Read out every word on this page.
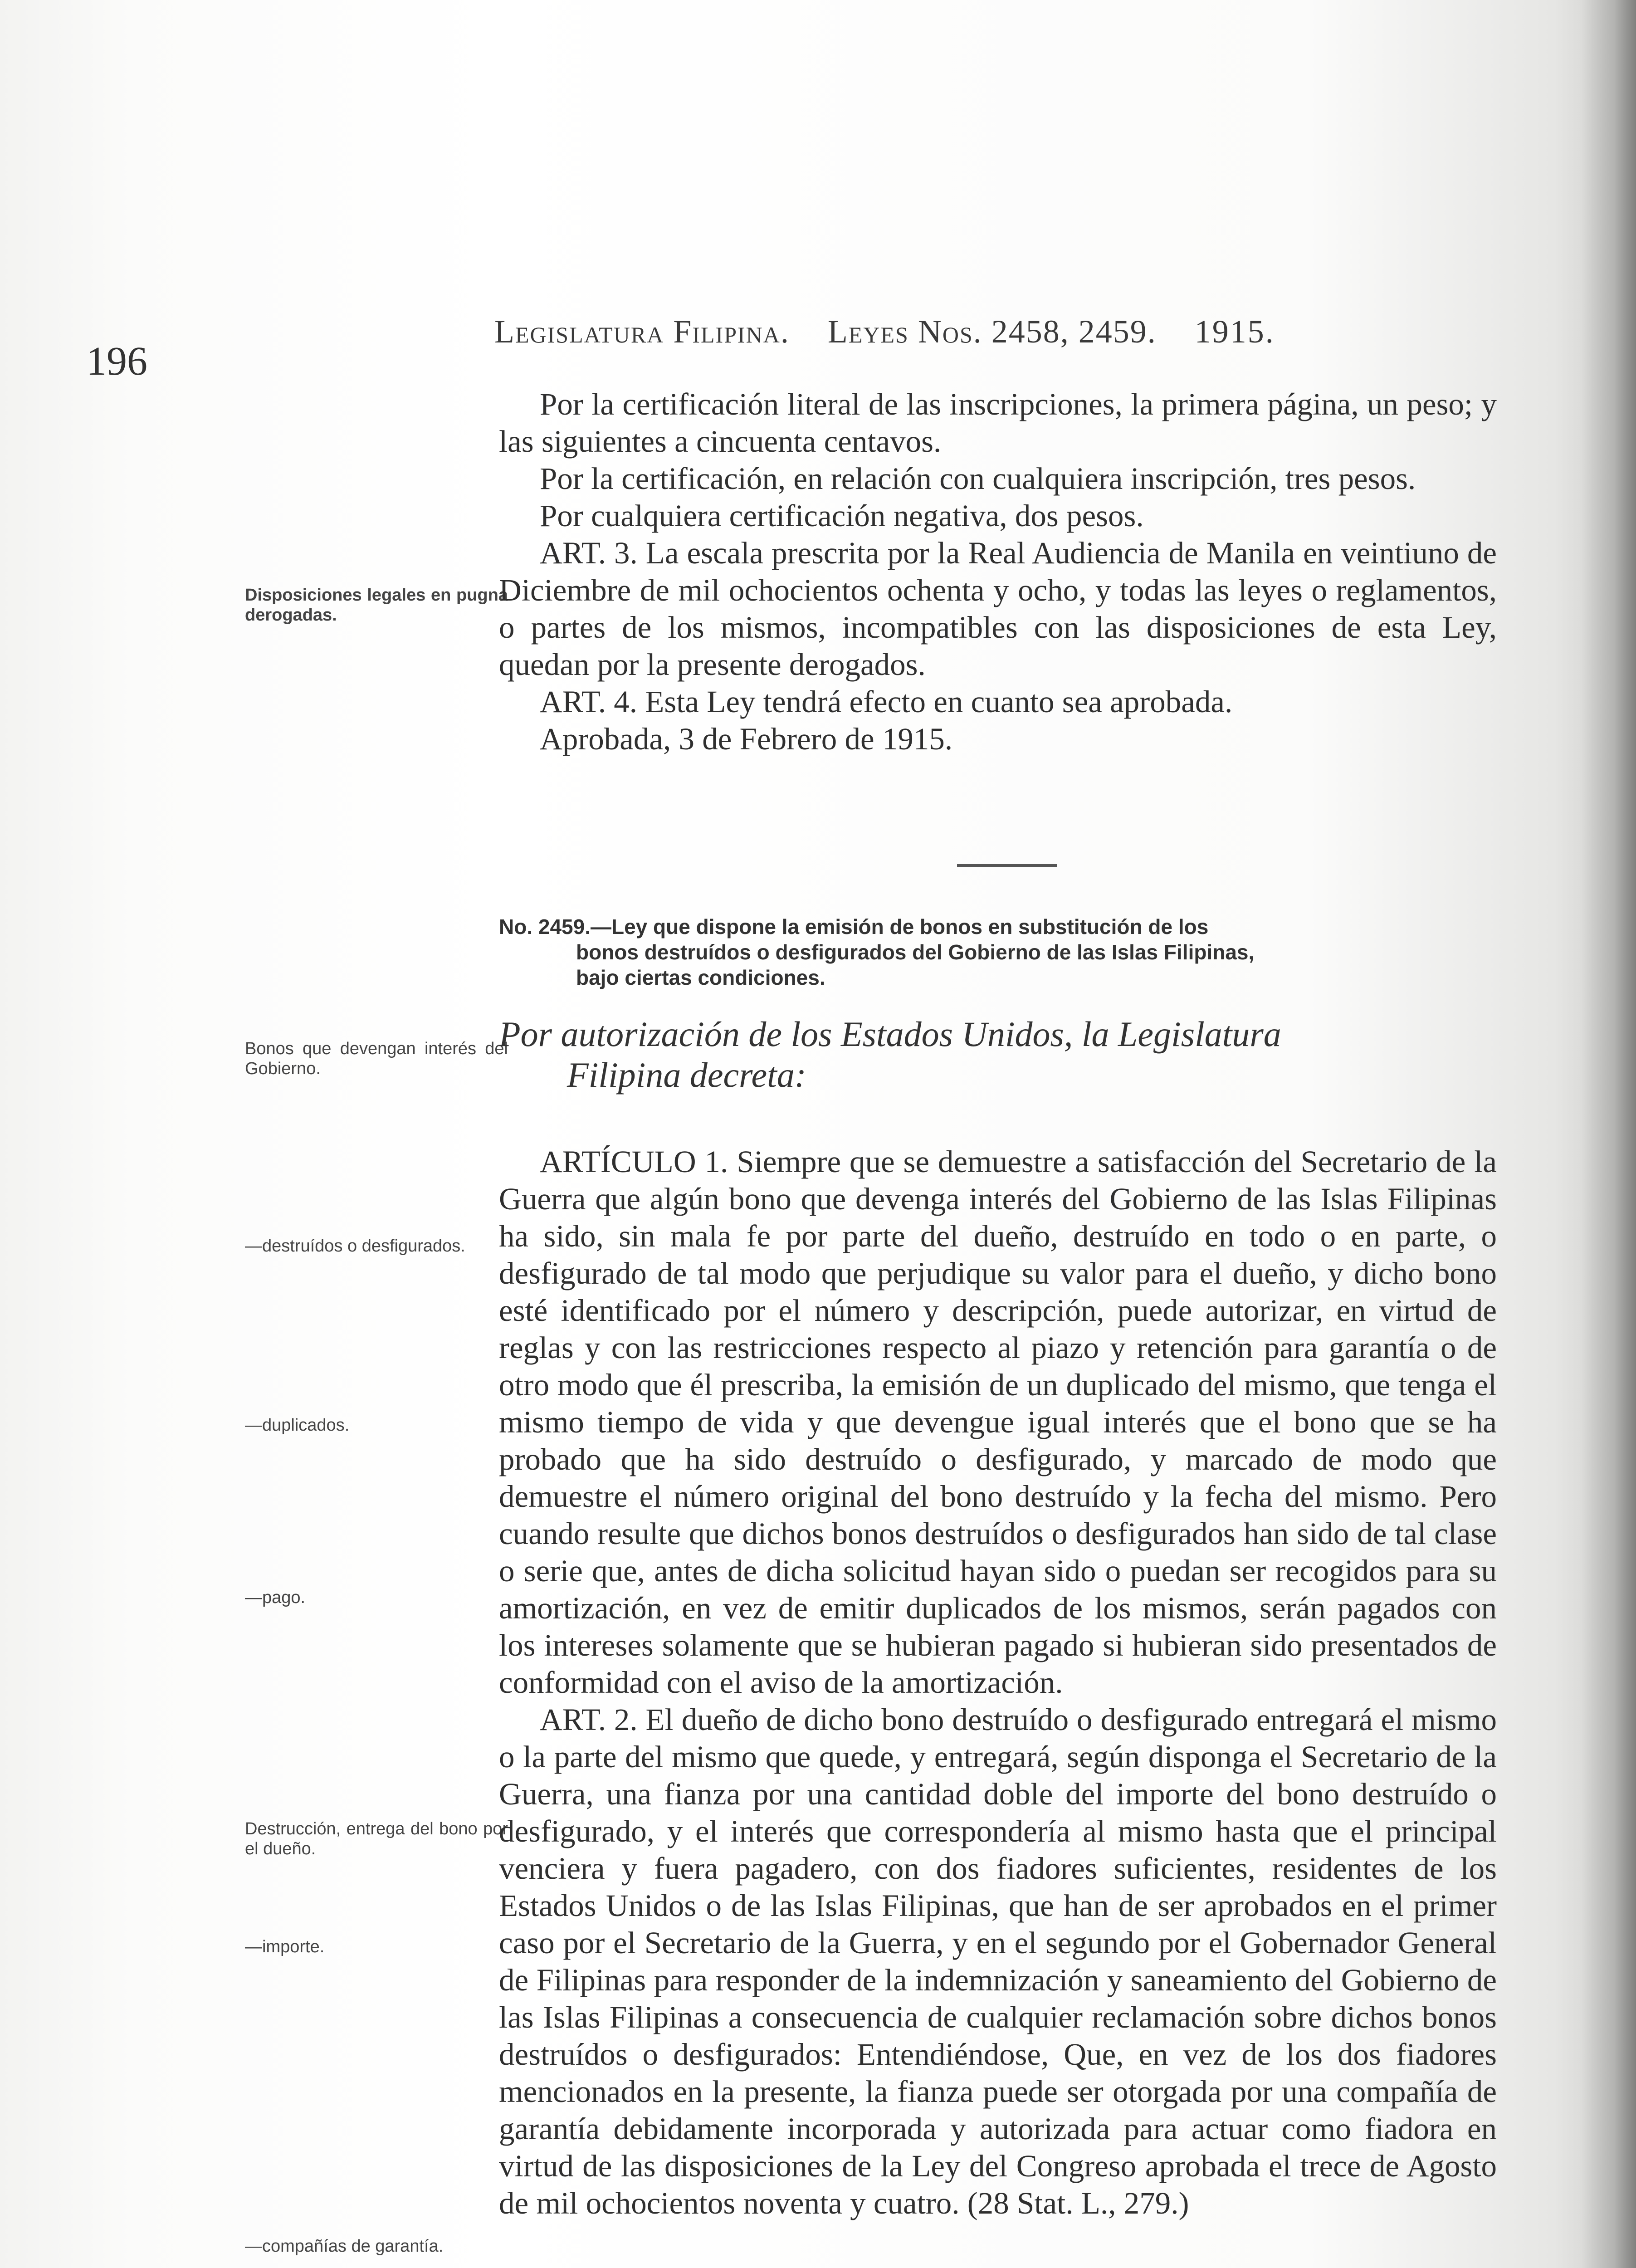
196
Legislatura Filipina. Leyes Nos. 2458, 2459. 1915.
Disposiciones legales en pugna derogadas.
Bonos que devengan interés del Gobierno.
—destruídos o desfigurados.
—duplicados.
—pago.
Destrucción, entrega del bono por el dueño.
—importe.
—compañías de garantía.

Por la certificación literal de las inscripciones, la primera página, un peso; y las siguientes a cincuenta centavos.

Por la certificación, en relación con cualquiera inscripción, tres pesos.

Por cualquiera certificación negativa, dos pesos.

ART. 3. La escala prescrita por la Real Audiencia de Manila en veintiuno de Diciembre de mil ochocientos ochenta y ocho, y todas las leyes o reglamentos, o partes de los mismos, incompatibles con las disposiciones de esta Ley, quedan por la presente derogados.

ART. 4. Esta Ley tendrá efecto en cuanto sea aprobada.

Aprobada, 3 de Febrero de 1915.

No. 2459.—Ley que dispone la emisión de bonos en substitución de los
bonos destruídos o desfigurados del Gobierno de las Islas Filipinas,
bajo ciertas condiciones.
Por autorización de los Estados Unidos, la Legislatura
Filipina decreta:

ARTÍCULO 1. Siempre que se demuestre a satisfacción del Secretario de la Guerra que algún bono que devenga interés del Gobierno de las Islas Filipinas ha sido, sin mala fe por parte del dueño, destruído en todo o en parte, o desfigurado de tal modo que perjudique su valor para el dueño, y dicho bono esté identificado por el número y descripción, puede autorizar, en virtud de reglas y con las restricciones respecto al piazo y retención para garantía o de otro modo que él prescriba, la emisión de un duplicado del mismo, que tenga el mismo tiempo de vida y que devengue igual interés que el bono que se ha probado que ha sido destruído o desfigurado, y marcado de modo que demuestre el número original del bono destruído y la fecha del mismo. Pero cuando resulte que dichos bonos destruídos o desfigurados han sido de tal clase o serie que, antes de dicha solicitud hayan sido o puedan ser recogidos para su amortización, en vez de emitir duplicados de los mismos, serán pagados con los intereses solamente que se hubieran pagado si hubieran sido presentados de conformidad con el aviso de la amortización.

ART. 2. El dueño de dicho bono destruído o desfigurado entregará el mismo o la parte del mismo que quede, y entregará, según disponga el Secretario de la Guerra, una fianza por una cantidad doble del importe del bono destruído o desfigurado, y el interés que correspondería al mismo hasta que el principal venciera y fuera pagadero, con dos fiadores suficientes, residentes de los Estados Unidos o de las Islas Filipinas, que han de ser aprobados en el primer caso por el Secretario de la Guerra, y en el segundo por el Gobernador General de Filipinas para responder de la indemnización y saneamiento del Gobierno de las Islas Filipinas a consecuencia de cualquier reclamación sobre dichos bonos destruídos o desfigurados: Entendiéndose, Que, en vez de los dos fiadores mencionados en la presente, la fianza puede ser otorgada por una compañía de garantía debidamente incorporada y autorizada para actuar como fiadora en virtud de las disposiciones de la Ley del Congreso aprobada el trece de Agosto de mil ochocientos noventa y cuatro. (28 Stat. L., 279.)
